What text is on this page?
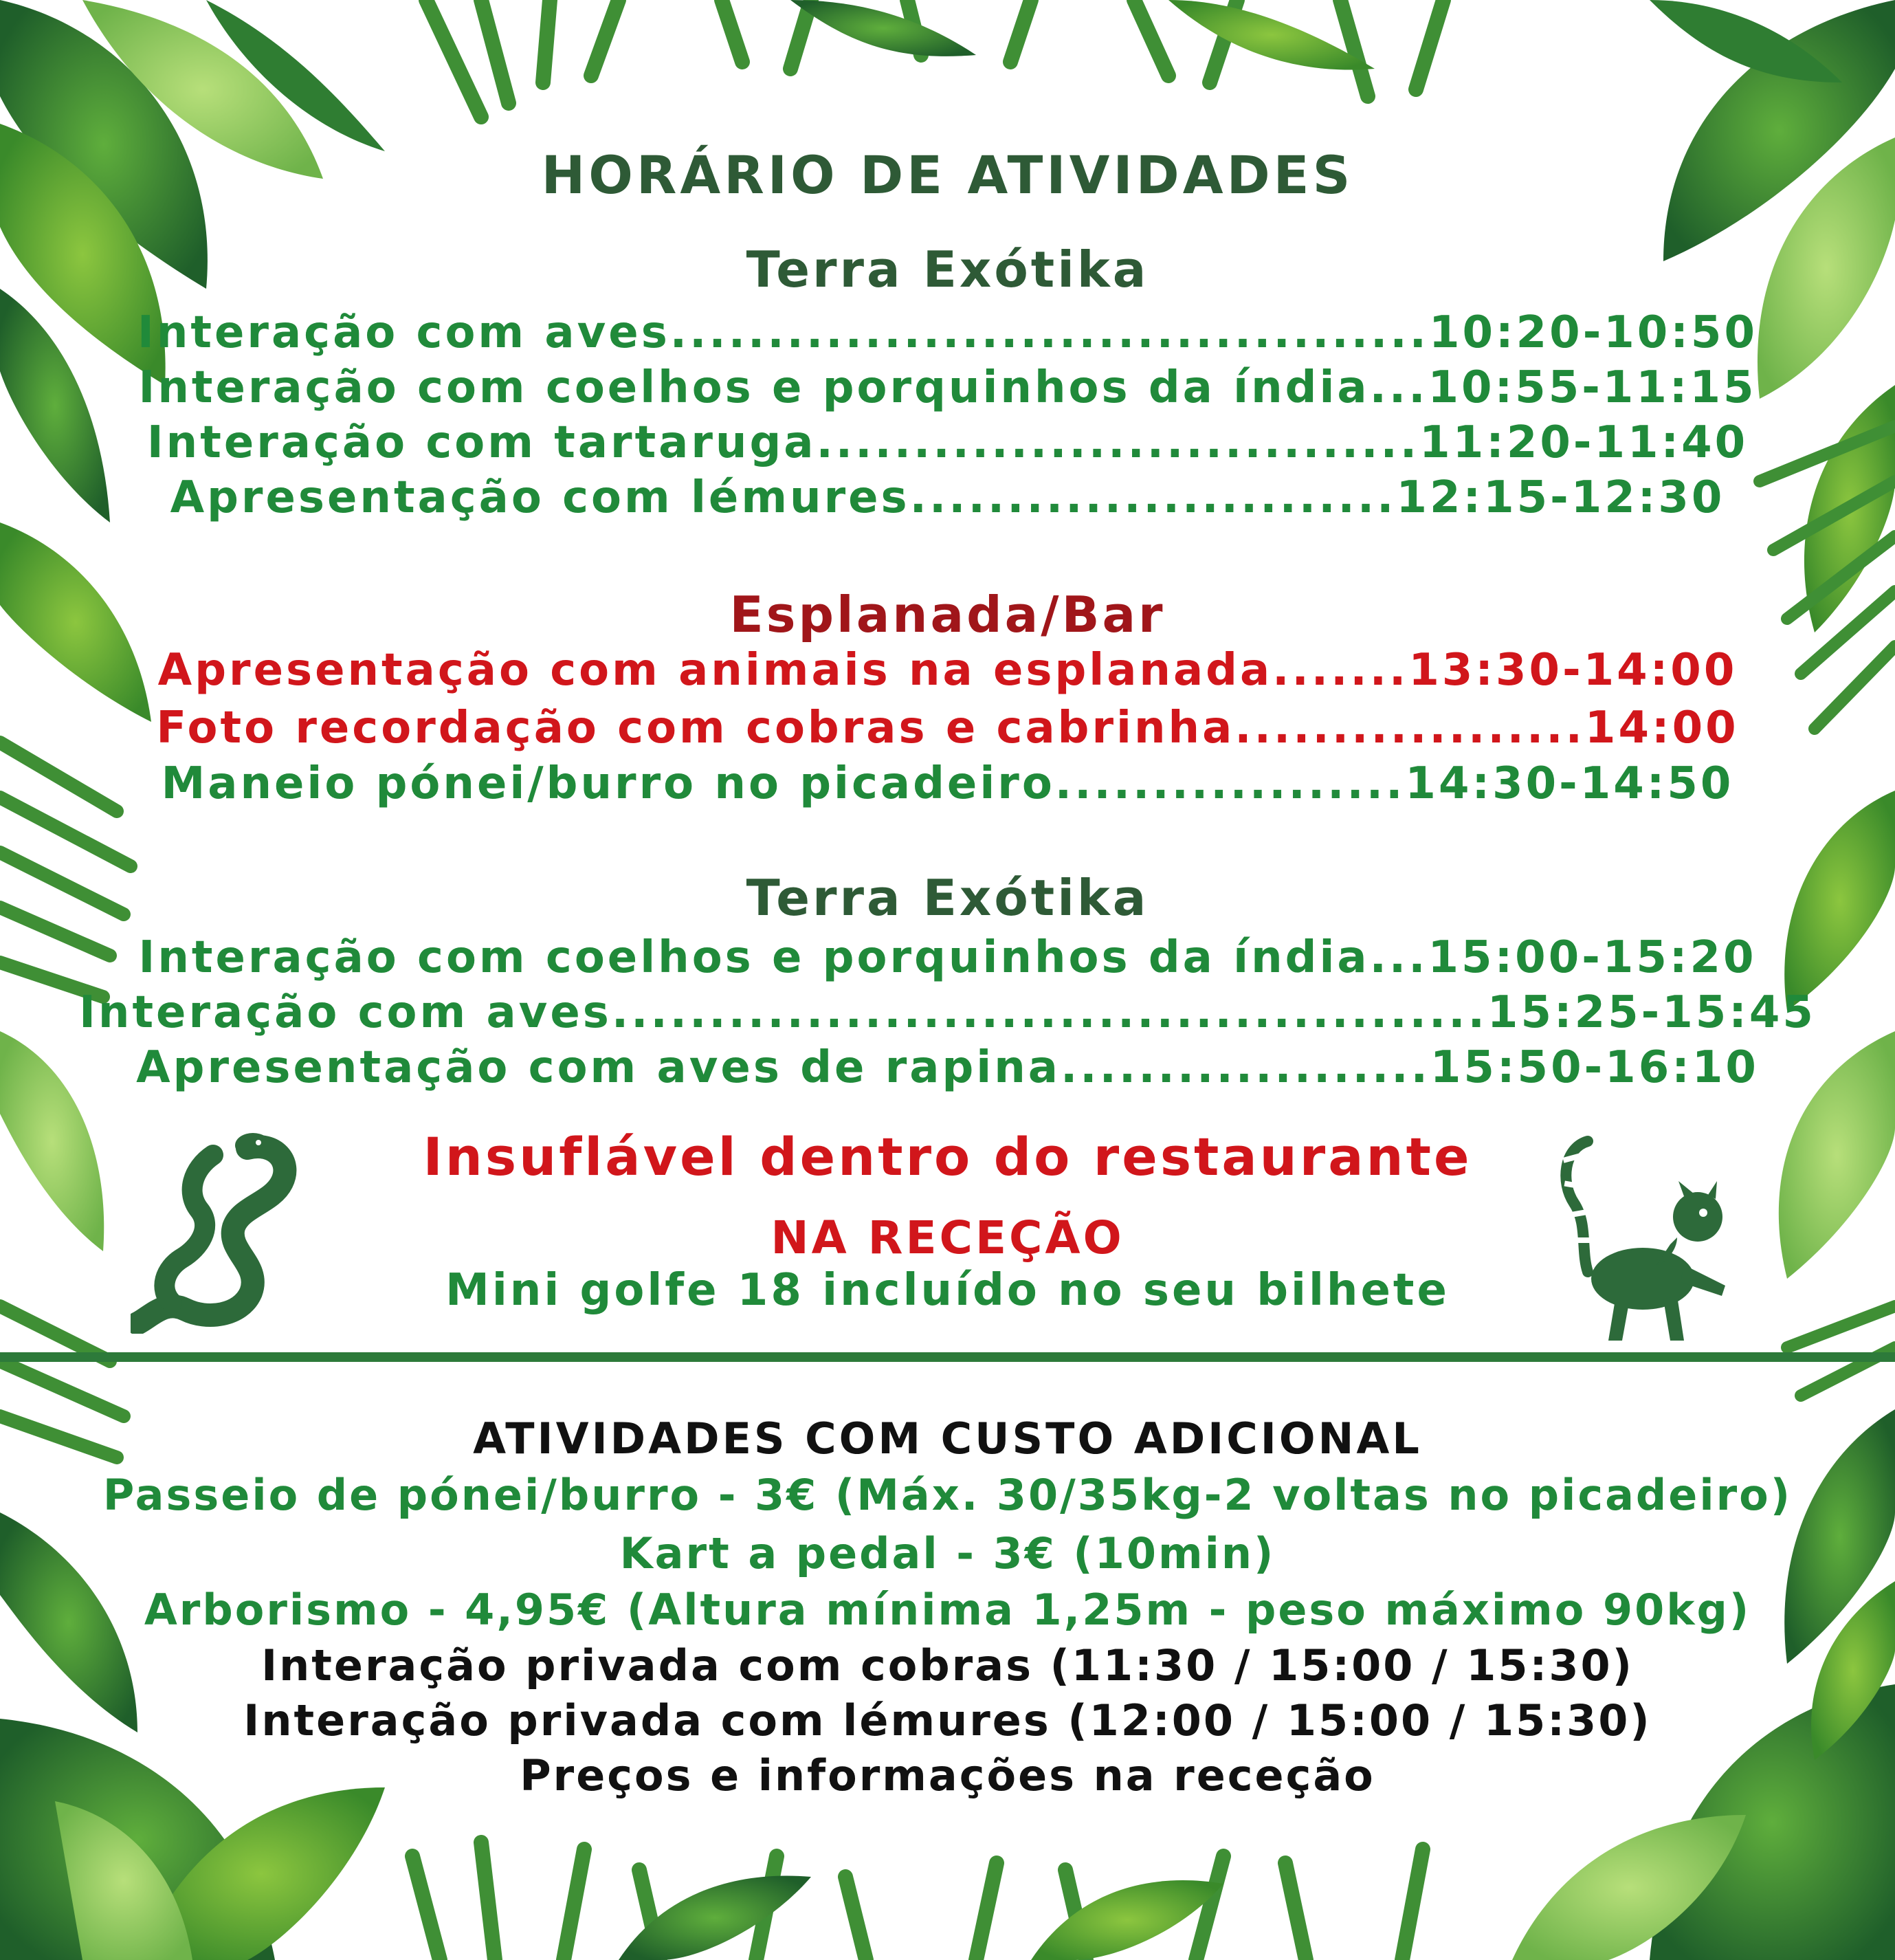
HORÁRIO DE ATIVIDADES
Terra Exótika
Interação com aves.......................................10:20-10:50
Interação com coelhos e porquinhos da índia...10:55-11:15
Interação com tartaruga...............................11:20-11:40
Apresentação com lémures.........................12:15-12:30
Esplanada/Bar
Apresentação com animais na esplanada.......13:30-14:00
Foto recordação com cobras e cabrinha..................14:00
Maneio pónei/burro no picadeiro..................14:30-14:50
Terra Exótika
Interação com coelhos e porquinhos da índia...15:00-15:20
Interação com aves.............................................15:25-15:45
Apresentação com aves de rapina...................15:50-16:10
Insuflável dentro do restaurante
NA RECEÇÃO
Mini golfe 18 incluído no seu bilhete
ATIVIDADES COM CUSTO ADICIONAL
Passeio de pónei/burro - 3€ (Máx. 30/35kg-2 voltas no picadeiro)
Kart a pedal - 3€ (10min)
Arborismo - 4,95€ (Altura mínima 1,25m - peso máximo 90kg)
Interação privada com cobras (11:30 / 15:00 / 15:30)
Interação privada com lémures (12:00 / 15:00 / 15:30)
Preços e informações na receção
